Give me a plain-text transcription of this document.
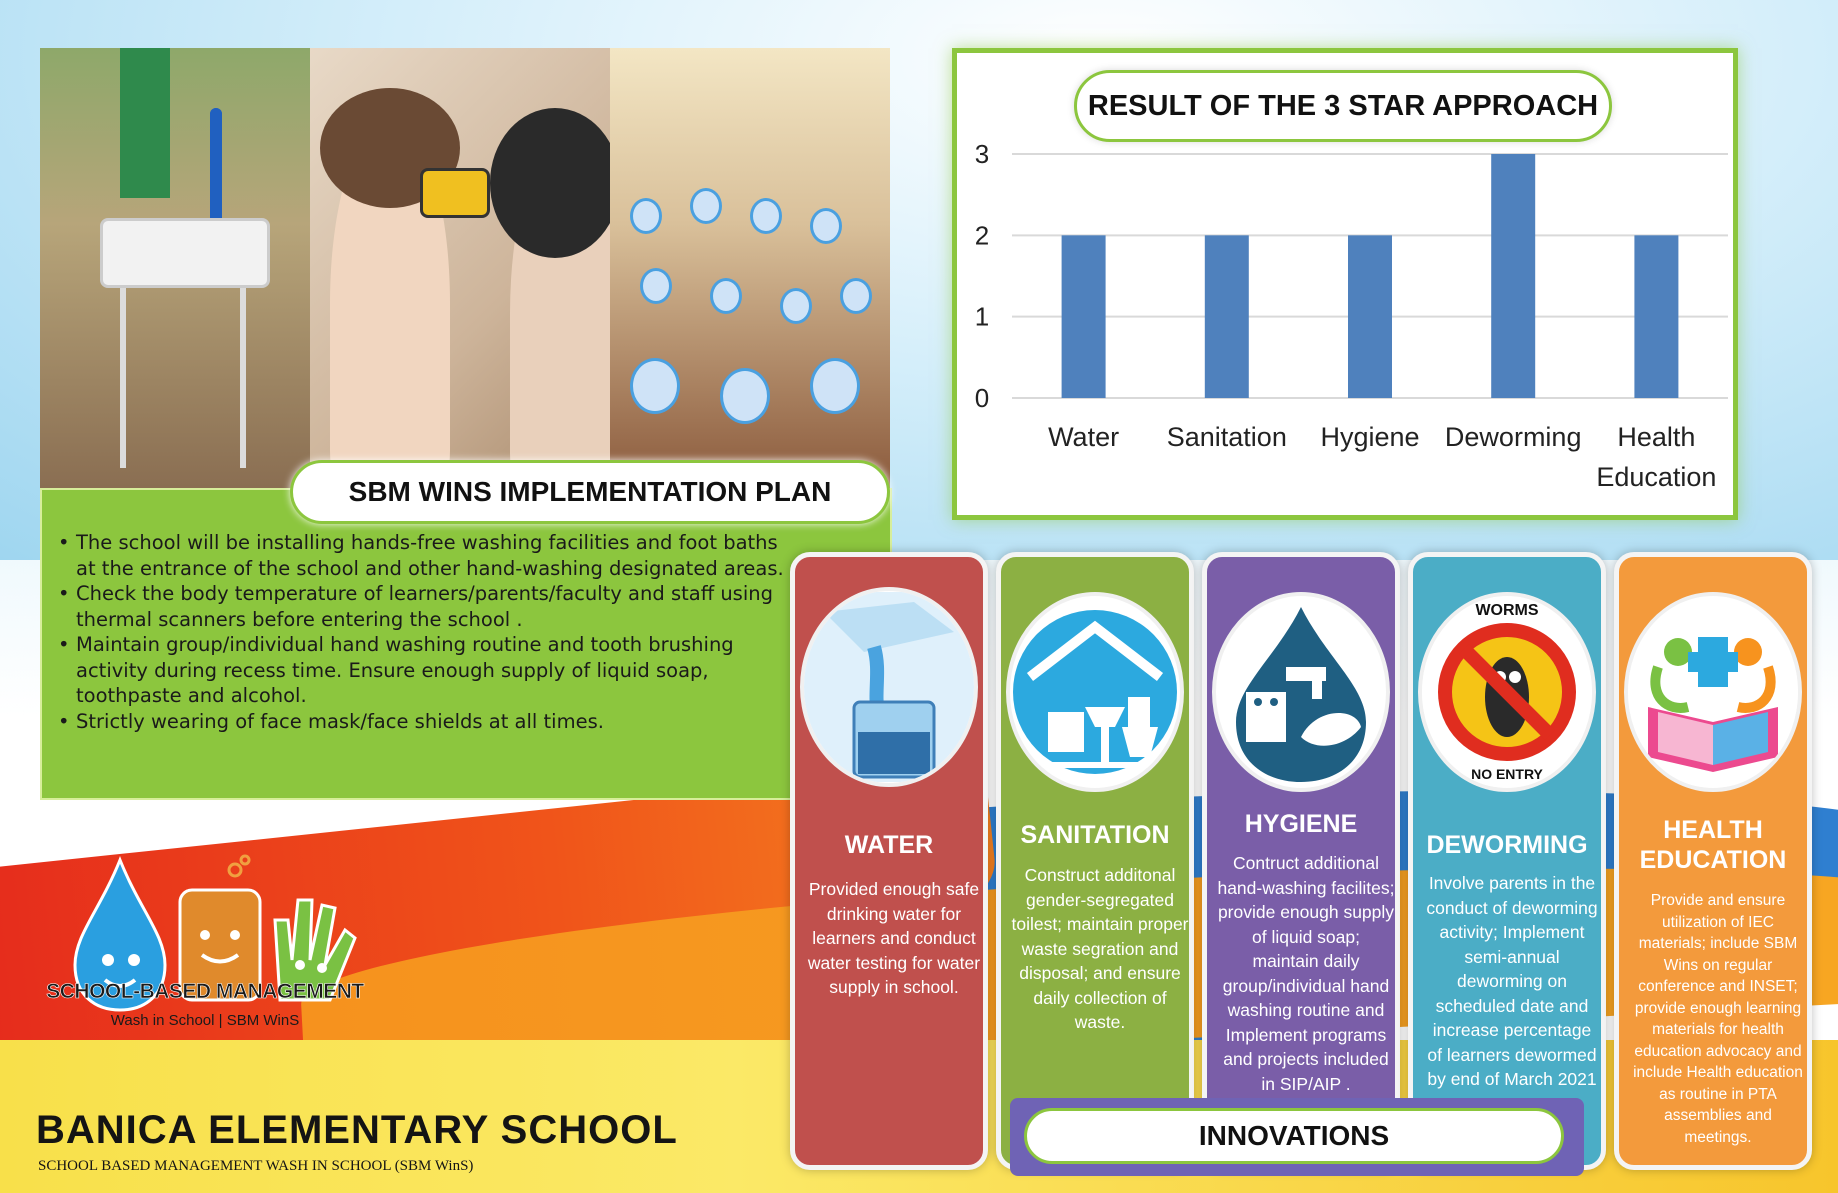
SBM WINS IMPLEMENTATION PLAN
• The school will be installing hands-free washing facilities and foot baths at the entrance of the school and other hand-washing designated areas.
• Check the body temperature of learners/parents/faculty and staff using thermal scanners before entering the school .
• Maintain group/individual hand washing routine and tooth brushing activity during recess time. Ensure enough supply of liquid soap, toothpaste and alcohol.
• Strictly wearing of face mask/face shields at all times.
0
1
2
3
Water Sanitation Hygiene Deworming Health
Education
RESULT OF THE 3 STAR APPROACH
WATER
Provided enough safe drinking water for learners and conduct water testing for water supply in school.
SANITATION
Construct additonal gender-segregated toilest; maintain proper waste segration and disposal; and ensure daily collection of waste.
HYGIENE
Contruct additional hand-washing facilites; provide enough supply of liquid soap; maintain daily group/individual hand washing routine and Implement programs and projects included in SIP/AIP .
WORMS
NO ENTRY
DEWORMING
Involve parents in the conduct of deworming activity; Implement semi-annual deworming on scheduled date and increase percentage of learners dewormed by end of March 2021
HEALTH
EDUCATION
Provide and ensure utilization of IEC materials; include SBM Wins on regular conference and INSET; provide enough learning materials for health education advocacy and include Health education as routine in PTA assemblies and meetings.
INNOVATIONS
SCHOOL-BASED MANAGEMENT
Wash in School | SBM WinS
BANICA ELEMENTARY SCHOOL
SCHOOL BASED MANAGEMENT WASH IN SCHOOL (SBM WinS)
